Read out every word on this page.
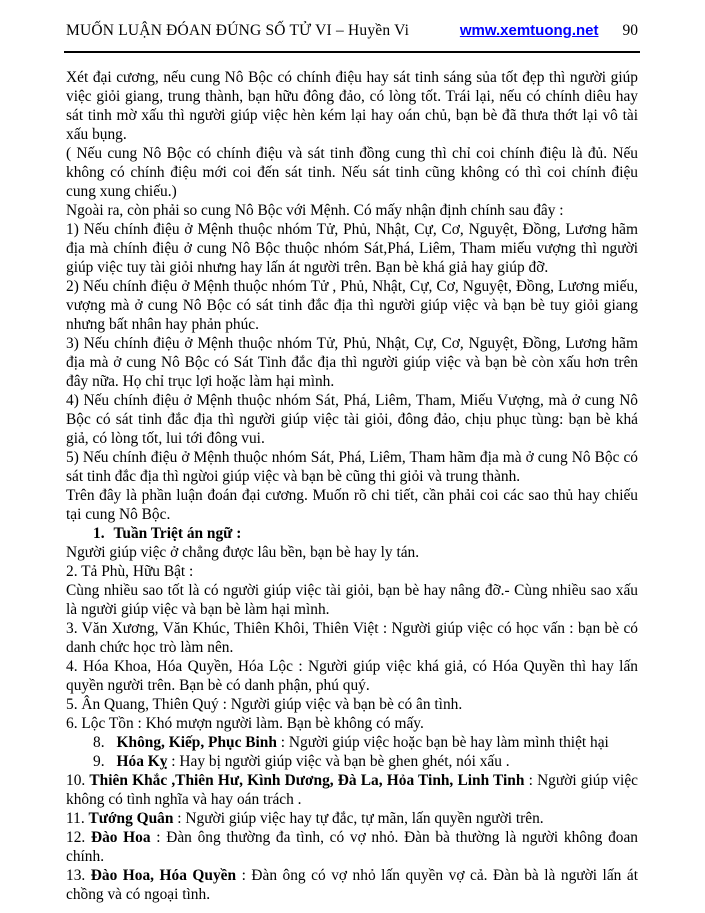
MUỐN LUẬN ĐÓAN ĐÚNG SỐ TỬ VI – Huyền Vi	wmw.xemtuong.net 90

Xét đại cương, nếu cung Nô Bộc có chính điệu hay sát tinh sáng sủa tốt đẹp thì người giúp việc giỏi giang, trung thành, bạn hữu đông đảo, có lòng tốt. Trái lại, nếu có chính diêu hay sát tinh mờ xấu thì người giúp việc hèn kém lại hay oán chủ, bạn bè đã thưa thớt lại vô tài xấu bụng.

( Nếu cung Nô Bộc có chính điệu và sát tinh đồng cung thì chỉ coi chính điệu là đủ. Nếu không có chính điệu mới coi đến sát tinh. Nếu sát tinh cũng không có thì coi chính điệu cung xung chiếu.)

Ngoài ra, còn phải so cung Nô Bộc với Mệnh. Có mấy nhận định chính sau đây :

1) Nếu chính điệu ở Mệnh thuộc nhóm Tử, Phủ, Nhật, Cự, Cơ, Nguyệt, Đồng, Lương hãm địa mà chính điệu ở cung Nô Bộc thuộc nhóm Sát,Phá, Liêm, Tham miếu vượng thì người giúp việc tuy tài giỏi nhưng hay lấn át người trên. Bạn bè khá giả hay giúp đỡ.

2) Nếu chính điệu ở Mệnh thuộc nhóm Tử , Phủ, Nhật, Cự, Cơ, Nguyệt, Đồng, Lương miếu, vượng mà ở cung Nô Bộc có sát tinh đắc địa thì người giúp việc và bạn bè tuy giỏi giang nhưng bất nhân hay phản phúc.

3) Nếu chính điệu ở Mệnh thuộc nhóm Tử, Phủ, Nhật, Cự, Cơ, Nguyệt, Đồng, Lương hãm địa mà ở cung Nô Bộc có Sát Tinh đắc địa thì người giúp việc và bạn bè còn xấu hơn trên đây nữa. Họ chỉ trục lợi hoặc làm hại mình.

4) Nếu chính điệu ở Mệnh thuộc nhóm Sát, Phá, Liêm, Tham, Miếu Vượng, mà ở cung Nô Bộc có sát tinh đắc địa thì người giúp việc tài giỏi, đông đảo, chịu phục tùng: bạn bè khá giả, có lòng tốt, lui tới đông vui.

5) Nếu chính điệu ở Mệnh thuộc nhóm Sát, Phá, Liêm, Tham hãm địa mà ở cung Nô Bộc có sát tinh đắc địa thì ngừoi giúp việc và bạn bè cũng thi giỏi và trung thành.

Trên đây là phần luận đoán đại cương. Muốn rõ chi tiết, cần phải coi các sao thủ hay chiếu tại cung Nô Bộc.

1. Tuần Triệt án ngữ :

Người giúp việc ở chẳng được lâu bền, bạn bè hay ly tán.

2. Tả Phù, Hữu Bật :

Cùng nhiều sao tốt là có người giúp việc tài giỏi, bạn bè hay nâng đỡ.- Cùng nhiều sao xấu là người giúp việc và bạn bè làm hại mình.

3. Văn Xương, Văn Khúc, Thiên Khôi, Thiên Việt : Người giúp việc có học vấn : bạn bè có danh chức học trò làm nên.

4. Hóa Khoa, Hóa Quyền, Hóa Lộc : Người giúp việc khá giả, có Hóa Quyền thì hay lấn quyền người trên. Bạn bè có danh phận, phú quý.

5. Ân Quang, Thiên Quý : Người giúp việc và bạn bè có ân tình.

6. Lộc Tồn : Khó mượn người làm. Bạn bè không có mấy.

8. Không, Kiếp, Phục Binh : Người giúp việc hoặc bạn bè hay làm mình thiệt hại

9. Hóa Kỵ : Hay bị người giúp việc và bạn bè ghen ghét, nói xấu .

10. Thiên Khắc ,Thiên Hư, Kình Dương, Đà La, Hỏa Tinh, Linh Tinh : Người giúp việc không có tình nghĩa và hay oán trách .

11. Tướng Quân : Người giúp việc hay tự đắc, tự mãn, lấn quyền người trên.

12. Đào Hoa : Đàn ông thường đa tình, có vợ nhỏ. Đàn bà thường là người không đoan chính.

13. Đào Hoa, Hóa Quyền : Đàn ông có vợ nhỏ lấn quyền vợ cả. Đàn bà là người lấn át chồng và có ngoại tình.
